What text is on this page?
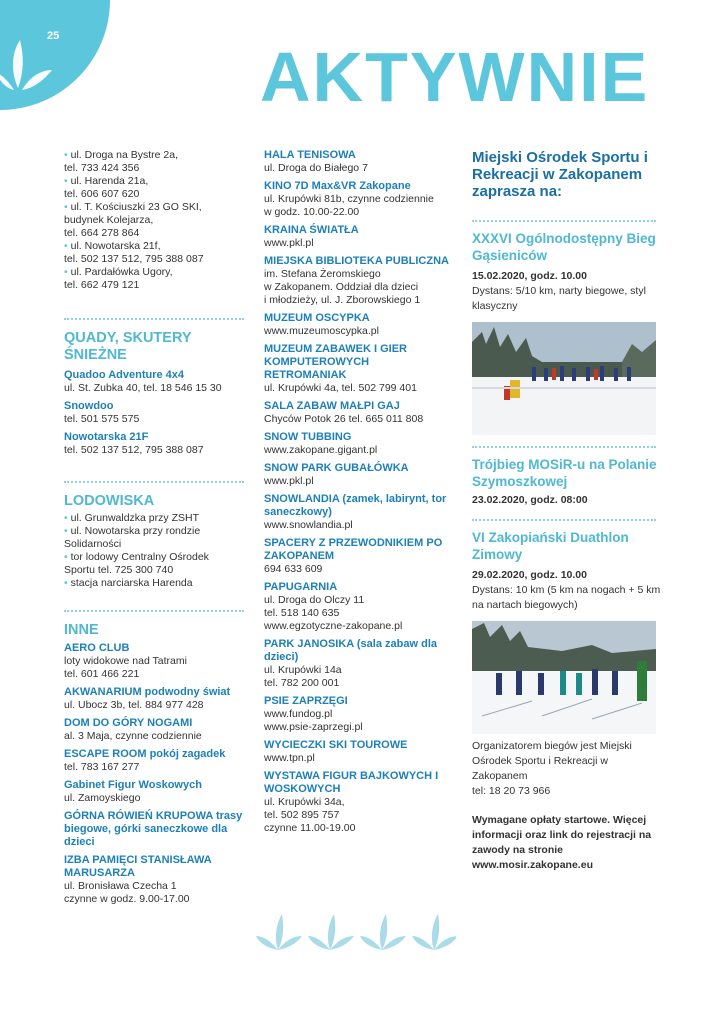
25

AKTYWNIE

• ul. Droga na Bystre 2a,

tel. 733 424 356

• ul. Harenda 21a,

tel. 606 607 620

• ul. T. Kościuszki 23 GO SKI,

budynek Kolejarza,

tel. 664 278 864

• ul. Nowotarska 21f,

tel. 502 137 512, 795 388 087

• ul. Pardałówka Ugory,

tel. 662 479 121

QUADY, SKUTERY ŚNIEŻNE

Quadoo Adventure 4x4

ul. St. Zubka 40, tel. 18 546 15 30

Snowdoo

tel. 501 575 575

Nowotarska 21F

tel. 502 137 512, 795 388 087

LODOWISKA

• ul. Grunwaldzka przy ZSHT

• ul. Nowotarska przy rondzie

Solidarności

• tor lodowy Centralny Ośrodek

Sportu tel. 725 300 740

• stacja narciarska Harenda

INNE

AERO CLUB

loty widokowe nad Tatrami

tel. 601 466 221

AKWANARIUM podwodny świat

ul. Ubocz 3b, tel. 884 977 428

DOM DO GÓRY NOGAMI

al. 3 Maja, czynne codziennie

ESCAPE ROOM pokój zagadek

tel. 783 167 277

Gabinet Figur Woskowych

ul. Zamoyskiego

GÓRNA RÓWIEŃ KRUPOWA trasy biegowe, górki saneczkowe dla dzieci

IZBA PAMIĘCI STANISŁAWA MARUSARZA

ul. Bronisława Czecha 1

czynne w godz. 9.00-17.00

HALA TENISOWA

ul. Droga do Białego 7

KINO 7D Max&VR Zakopane

ul. Krupówki 81b, czynne codziennie

w godz. 10.00-22.00

KRAINA ŚWIATŁA

www.pkl.pl

MIEJSKA BIBLIOTEKA PUBLICZNA

im. Stefana Żeromskiego

w Zakopanem. Oddział dla dzieci

i młodzieży, ul. J. Zborowskiego 1

MUZEUM OSCYPKA

www.muzeumoscypka.pl

MUZEUM ZABAWEK I GIER KOMPUTEROWYCH RETROMANIAK

ul. Krupówki 4a, tel. 502 799 401

SALA ZABAW MAŁPI GAJ

Chyców Potok 26 tel. 665 011 808

SNOW TUBBING

www.zakopane.gigant.pl

SNOW PARK GUBAŁÓWKA

www.pkl.pl

SNOWLANDIA (zamek, labirynt, tor saneczkowy)

www.snowlandia.pl

SPACERY Z PRZEWODNIKIEM PO ZAKOPANEM

694 633 609

PAPUGARNIA

ul. Droga do Olczy 11

tel. 518 140 635

www.egzotyczne-zakopane.pl

PARK JANOSIKA (sala zabaw dla dzieci)

ul. Krupówki 14a

tel. 782 200 001

PSIE ZAPRZĘGI

www.fundog.pl

www.psie-zaprzegi.pl

WYCIECZKI SKI TOUROWE

www.tpn.pl

WYSTAWA FIGUR BAJKOWYCH I WOSKOWYCH

ul. Krupówki 34a,

tel. 502 895 757

czynne 11.00-19.00

Miejski Ośrodek Sportu i Rekreacji w Zakopanem zaprasza na:

XXXVI Ogólnodostępny Bieg Gąsieniców

15.02.2020, godz. 10.00

Dystans: 5/10 km, narty biegowe, styl klasyczny

Trójbieg MOSiR-u na Polanie Szymoszkowej

23.02.2020, godz. 08:00

VI Zakopiański Duathlon Zimowy

29.02.2020, godz. 10.00

Dystans: 10 km (5 km na nogach + 5 km na nartach biegowych)

Organizatorem biegów jest Miejski Ośrodek Sportu i Rekreacji w Zakopanem

tel: 18 20 73 966

Wymagane opłaty startowe. Więcej informacji oraz link do rejestracji na zawody na stronie www.mosir.zakopane.eu
